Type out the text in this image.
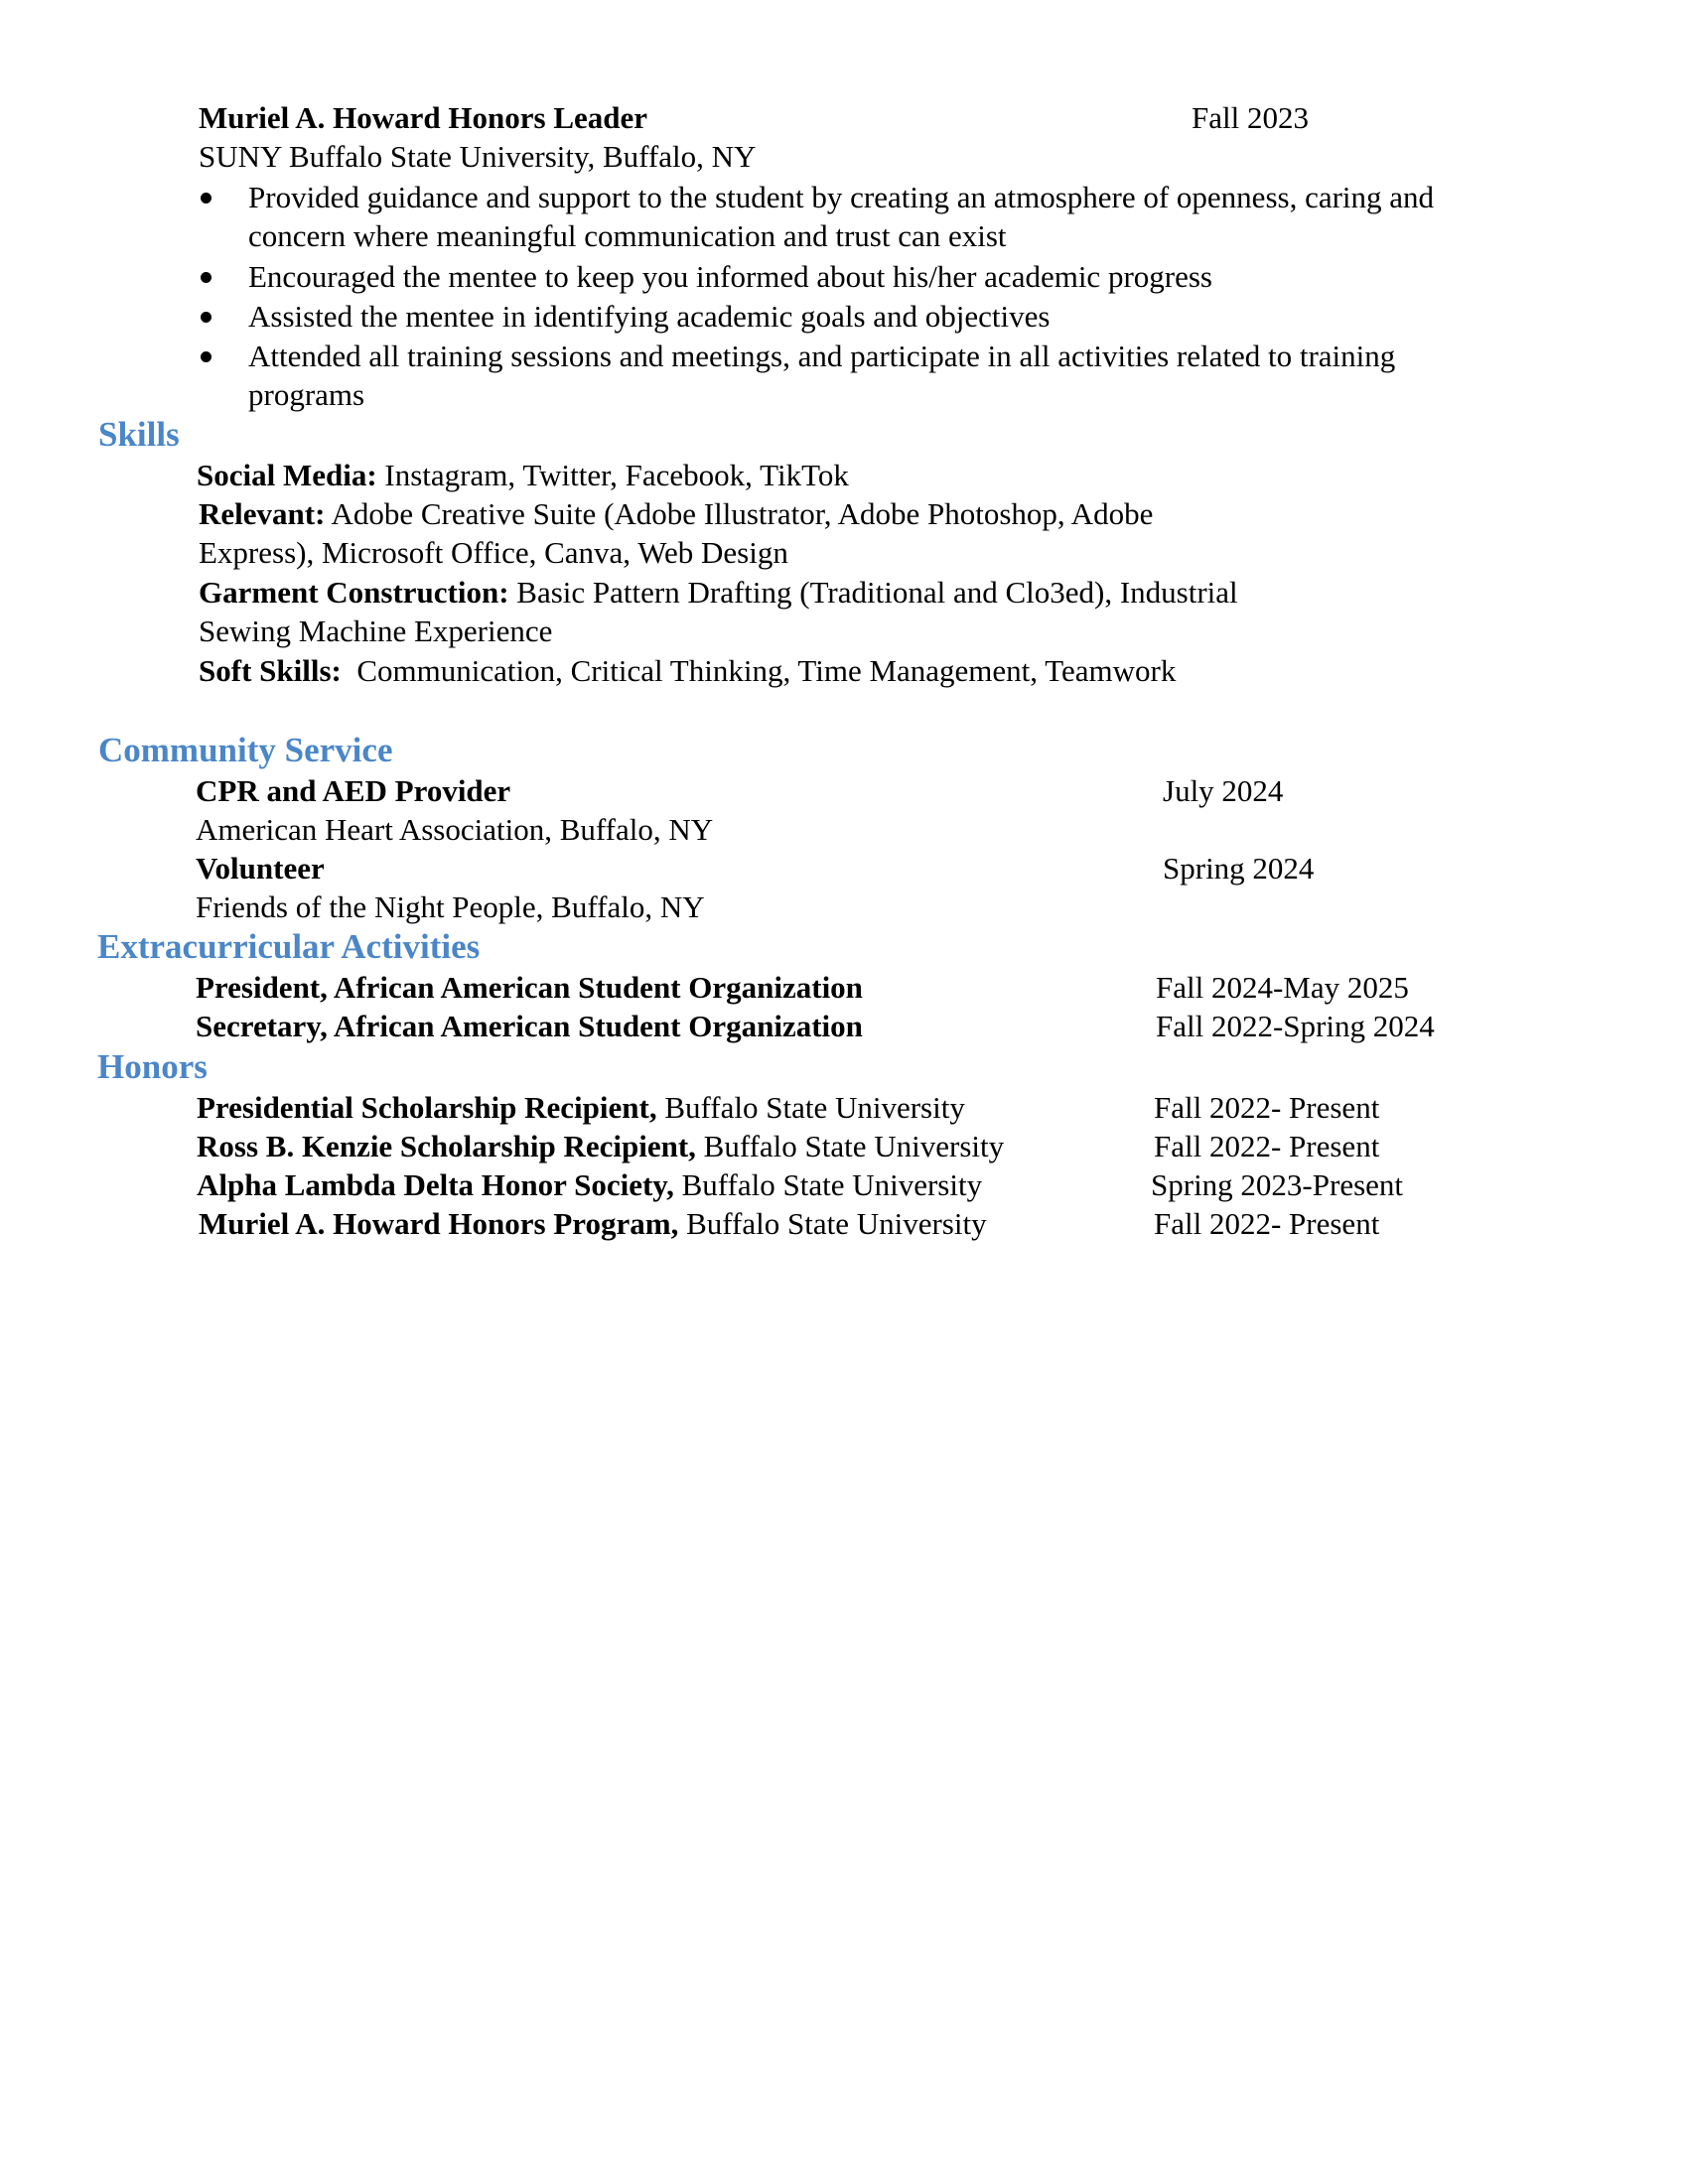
Muriel A. Howard Honors Leader	Fall 2023
SUNY Buffalo State University, Buffalo, NY
Provided guidance and support to the student by creating an atmosphere of openness, caring and
concern where meaningful communication and trust can exist
Encouraged the mentee to keep you informed about his/her academic progress
Assisted the mentee in identifying academic goals and objectives
Attended all training sessions and meetings, and participate in all activities related to training
programs
Skills
Social Media: Instagram, Twitter, Facebook, TikTok
Relevant: Adobe Creative Suite (Adobe Illustrator, Adobe Photoshop, Adobe
Express), Microsoft Office, Canva, Web Design
Garment Construction: Basic Pattern Drafting (Traditional and Clo3ed), Industrial
Sewing Machine Experience
Soft Skills:  Communication, Critical Thinking, Time Management, Teamwork
Community Service
CPR and AED Provider	July 2024
American Heart Association, Buffalo, NY
Volunteer	Spring 2024
Friends of the Night People, Buffalo, NY
Extracurricular Activities
President, African American Student Organization	Fall 2024-May 2025
Secretary, African American Student Organization	Fall 2022-Spring 2024
Honors
Presidential Scholarship Recipient, Buffalo State University	Fall 2022- Present
Ross B. Kenzie Scholarship Recipient, Buffalo State University	Fall 2022- Present
Alpha Lambda Delta Honor Society, Buffalo State University	Spring 2023-Present
Muriel A. Howard Honors Program, Buffalo State University	Fall 2022- Present
